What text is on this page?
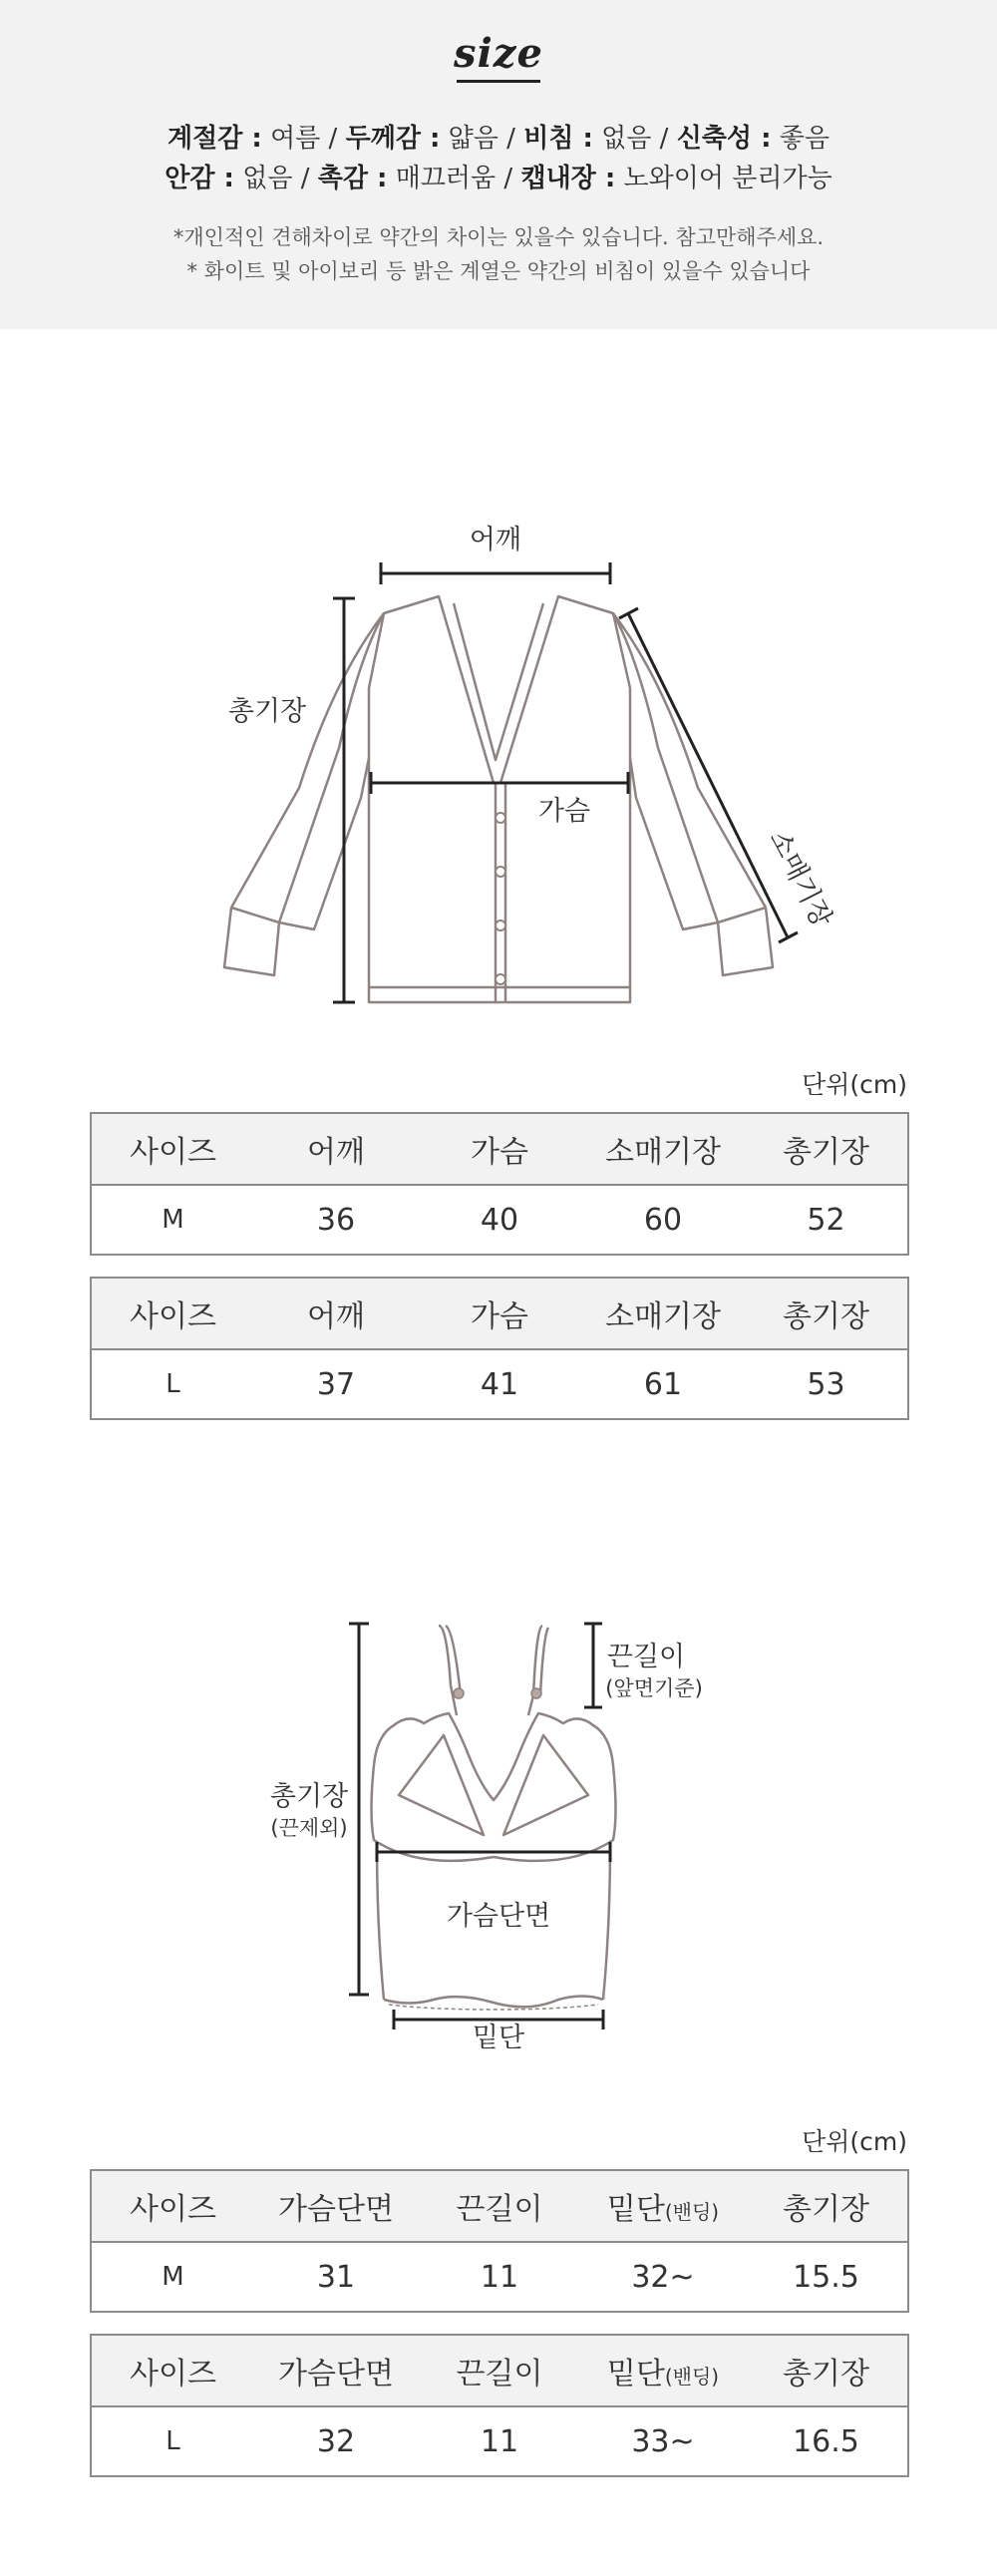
size
계절감 : 여름 / 두께감 : 얇음 / 비침 : 없음 / 신축성 : 좋음
안감 : 없음 / 촉감 : 매끄러움 / 캡내장 : 노와이어 분리가능
*개인적인 견해차이로 약간의 차이는 있을수 있습니다. 참고만해주세요.
* 화이트 및 아이보리 등 밝은 계열은 약간의 비침이 있을수 있습니다
어깨
총기장
가슴
소매기장
단위(cm)
사이즈	어깨	가슴	소매기장	총기장
M	36	40	60	52
사이즈	어깨	가슴	소매기장	총기장
L	37	41	61	53
끈길이
(앞면기준)
총기장
(끈제외)
가슴단면
밑단
단위(cm)
사이즈	가슴단면	끈길이	밑단(밴딩)	총기장
M	31	11	32~	15.5
사이즈	가슴단면	끈길이	밑단(밴딩)	총기장
L	32	11	33~	16.5
